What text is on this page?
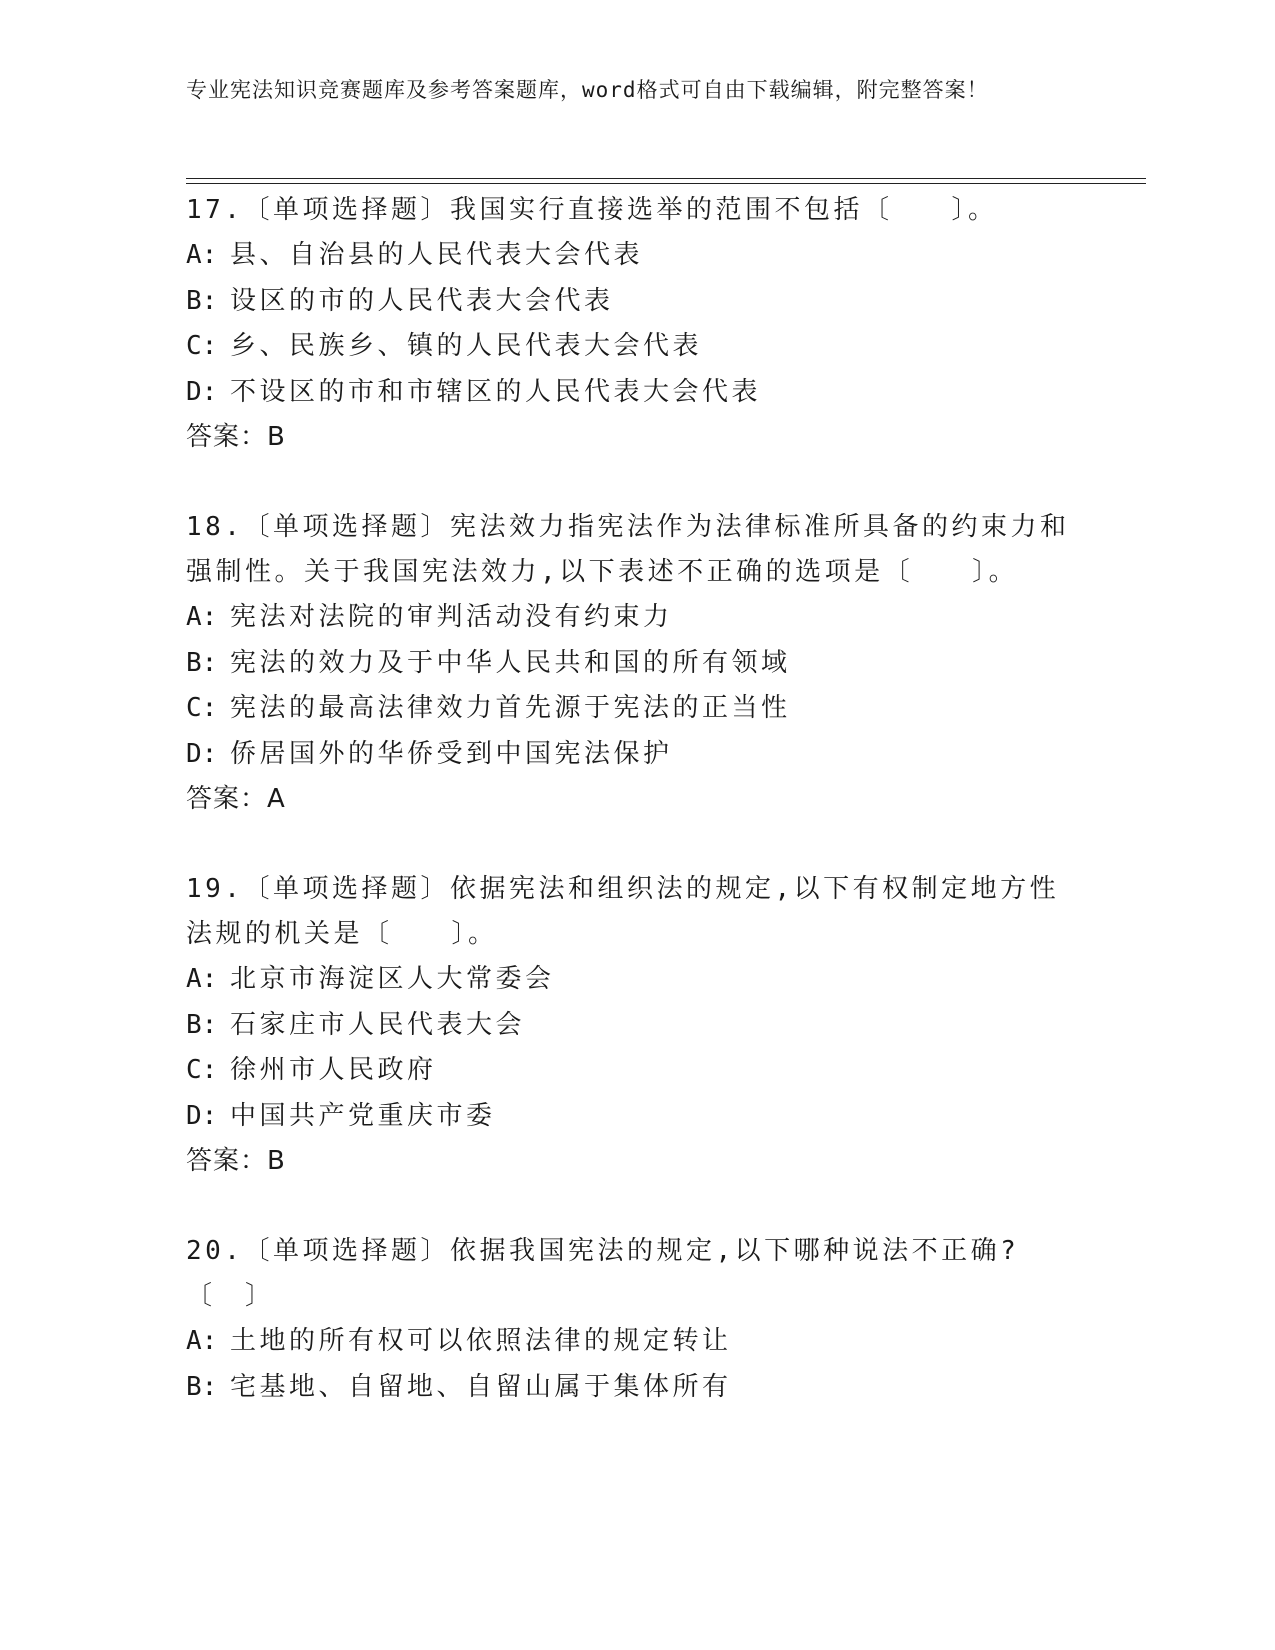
专业宪法知识竞赛题库及参考答案题库，word格式可自由下载编辑，附完整答案！
17.〔单项选择题〕我国实行直接选举的范围不包括〔　　〕。
A: 县、自治县的人民代表大会代表
B: 设区的市的人民代表大会代表
C: 乡、民族乡、镇的人民代表大会代表
D: 不设区的市和市辖区的人民代表大会代表
答案：B
18.〔单项选择题〕宪法效力指宪法作为法律标准所具备的约束力和强制性。关于我国宪法效力,以下表述不正确的选项是〔　　〕。
A: 宪法对法院的审判活动没有约束力
B: 宪法的效力及于中华人民共和国的所有领域
C: 宪法的最高法律效力首先源于宪法的正当性
D: 侨居国外的华侨受到中国宪法保护
答案：A
19.〔单项选择题〕依据宪法和组织法的规定,以下有权制定地方性法规的机关是〔　　〕。
A: 北京市海淀区人大常委会
B: 石家庄市人民代表大会
C: 徐州市人民政府
D: 中国共产党重庆市委
答案：B
20.〔单项选择题〕依据我国宪法的规定,以下哪种说法不正确?〔　〕
A: 土地的所有权可以依照法律的规定转让
B: 宅基地、自留地、自留山属于集体所有
